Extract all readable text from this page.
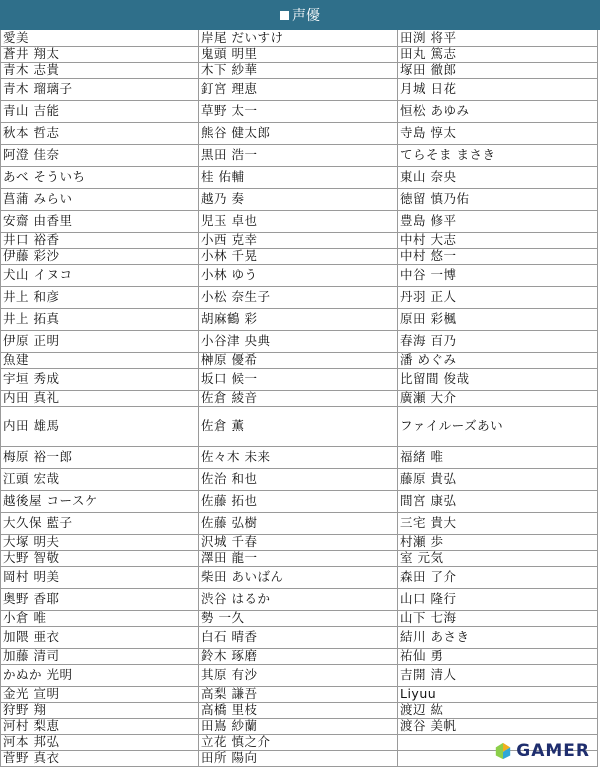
声優
愛美	岸尾 だいすけ	田渕 将平
蒼井 翔太	鬼頭 明里	田丸 篤志
青木 志貴	木下 紗華	塚田 徹郎
青木 瑠璃子	釘宮 理恵	月城 日花
青山 吉能	草野 太一	恒松 あゆみ
秋本 哲志	熊谷 健太郎	寺島 惇太
阿澄 佳奈	黒田 浩一	てらそま まさき
あべ そういち	桂 佑輔	東山 奈央
菖蒲 みらい	越乃 奏	徳留 慎乃佑
安齋 由香里	児玉 卓也	豊島 修平
井口 裕香	小西 克幸	中村 大志
伊藤 彩沙	小林 千晃	中村 悠一
犬山 イヌコ	小林 ゆう	中谷 一博
井上 和彦	小松 奈生子	丹羽 正人
井上 拓真	胡麻鶴 彩	原田 彩楓
伊原 正明	小谷津 央典	春海 百乃
魚建	榊原 優希	潘 めぐみ
宇垣 秀成	坂口 候一	比留間 俊哉
内田 真礼	佐倉 綾音	廣瀬 大介
内田 雄馬	佐倉 薫	ファイルーズあい
梅原 裕一郎	佐々木 未来	福緒 唯
江頭 宏哉	佐治 和也	藤原 貴弘
越後屋 コースケ	佐藤 拓也	間宮 康弘
大久保 藍子	佐藤 弘樹	三宅 貴大
大塚 明夫	沢城 千春	村瀬 歩
大野 智敬	澤田 龍一	室 元気
岡村 明美	柴田 あいばん	森田 了介
奥野 香耶	渋谷 はるか	山口 隆行
小倉 唯	勢 一久	山下 七海
加隈 亜衣	白石 晴香	結川 あさき
加藤 清司	鈴木 琢磨	祐仙 勇
かぬか 光明	其原 有沙	吉開 清人
金光 宣明	高梨 謙吾	Liyuu
狩野 翔	高橋 里枝	渡辺 紘
河村 梨恵	田嶌 紗蘭	渡谷 美帆
河本 邦弘	立花 慎之介	
菅野 真衣	田所 陽向		GAMER
